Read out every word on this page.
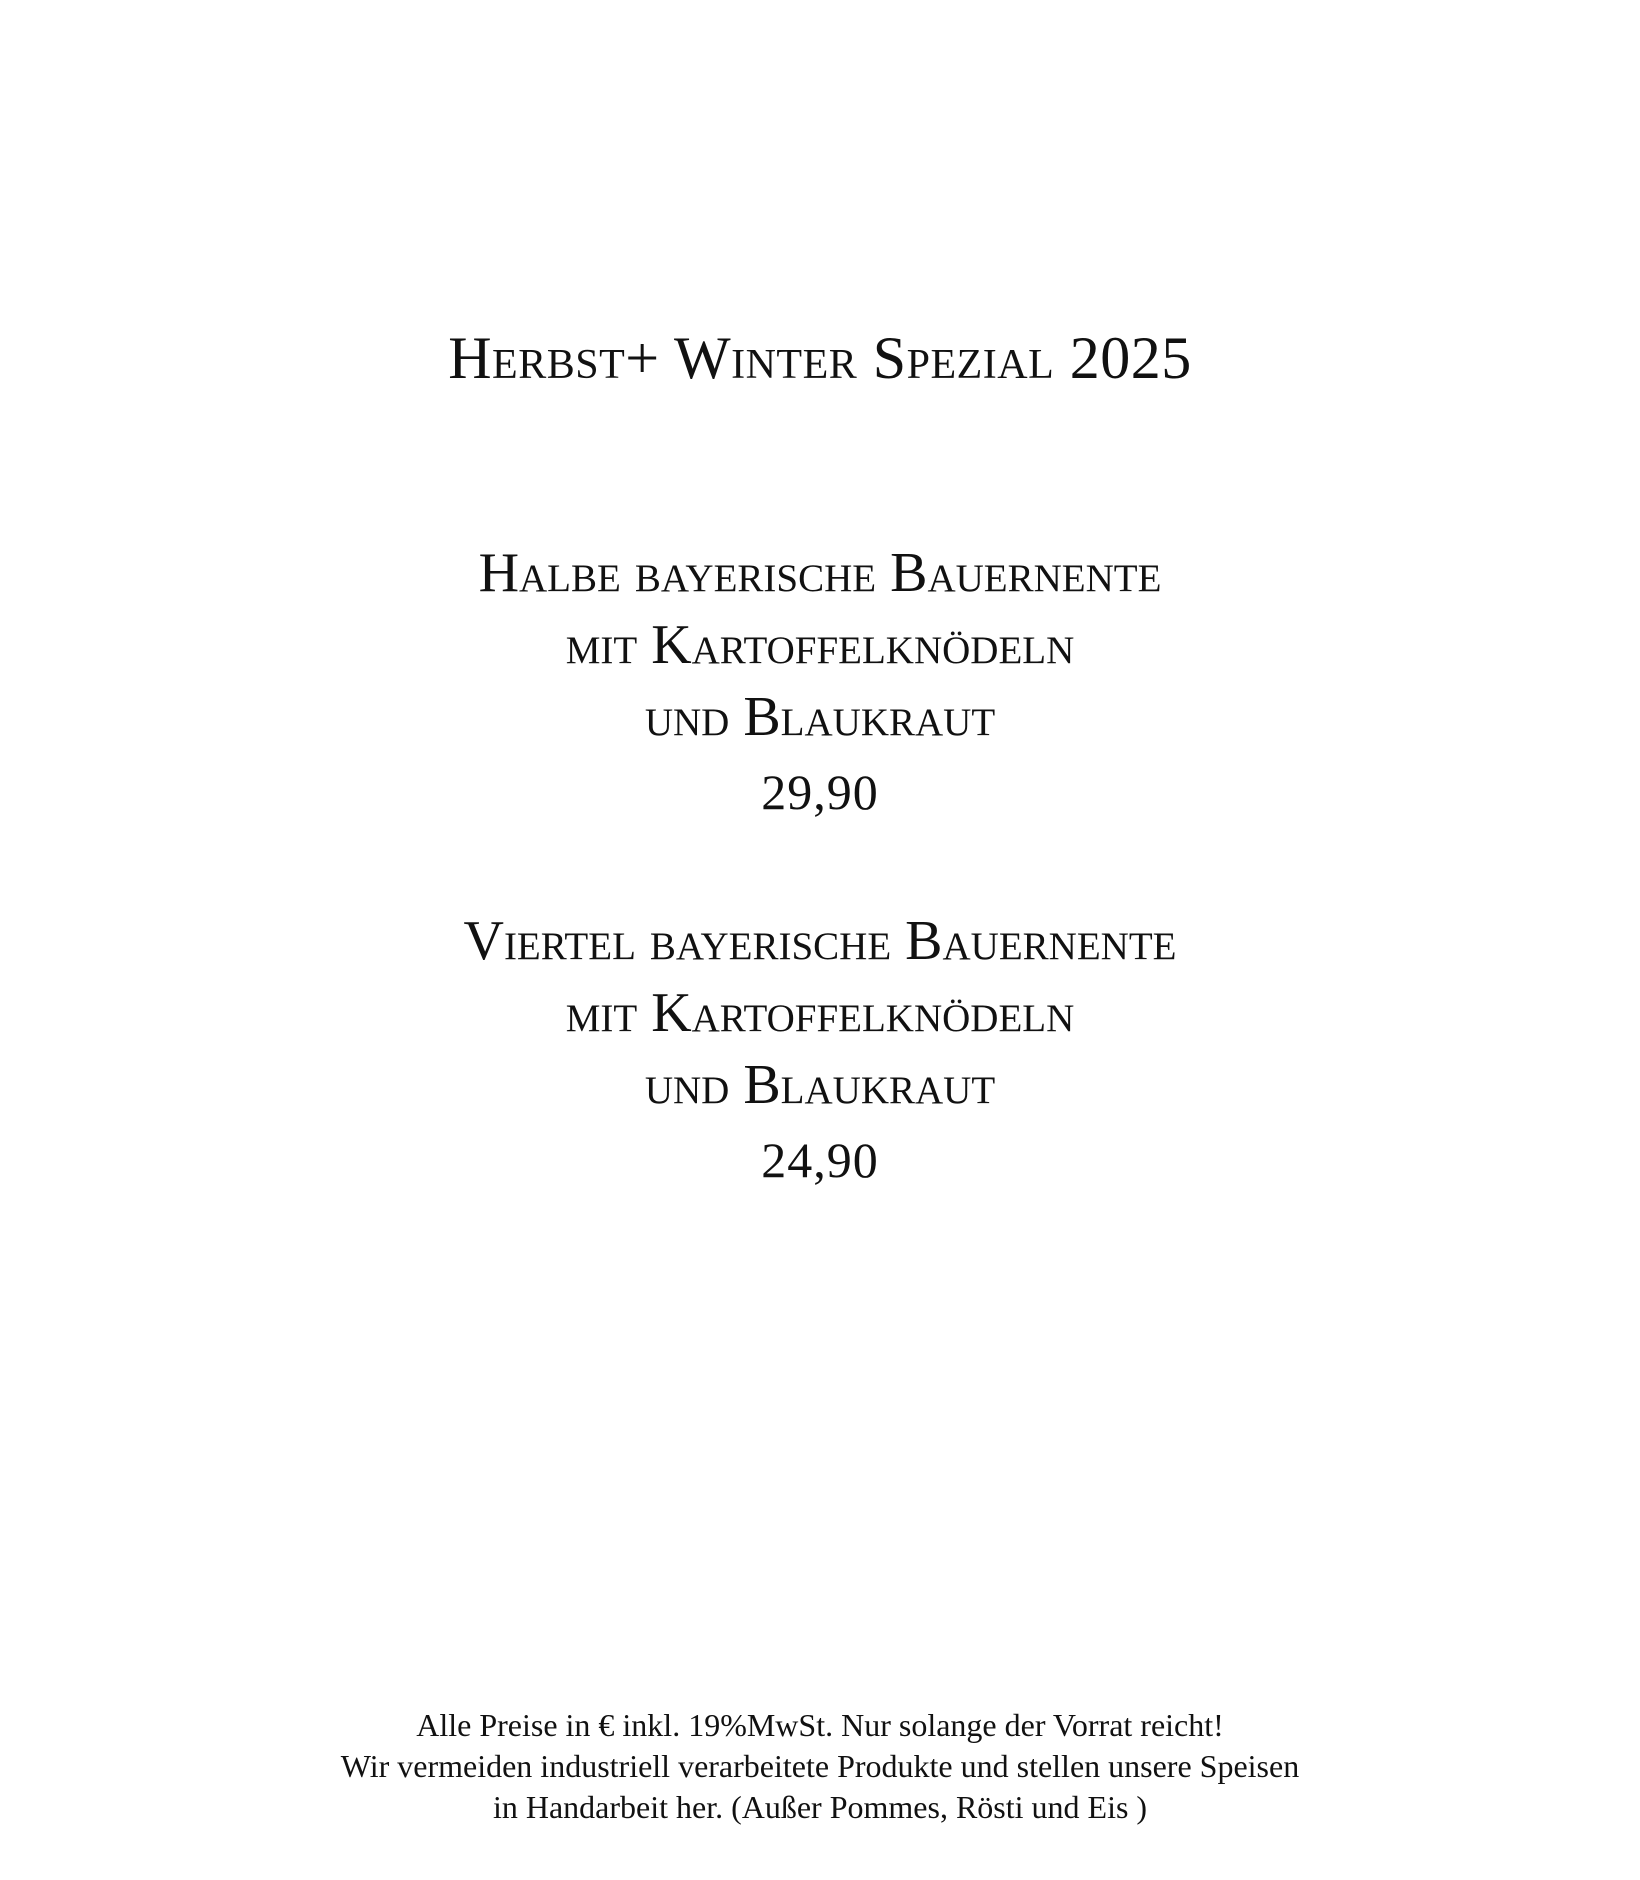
Herbst+ Winter Spezial 2025
Halbe bayerische Bauernente
mit Kartoffelknödeln
und Blaukraut
29,90
Viertel bayerische Bauernente
mit Kartoffelknödeln
und Blaukraut
24,90
Alle Preise in € inkl. 19%MwSt. Nur solange der Vorrat reicht!
Wir vermeiden industriell verarbeitete Produkte und stellen unsere Speisen
in Handarbeit her. (Außer Pommes, Rösti und Eis )
